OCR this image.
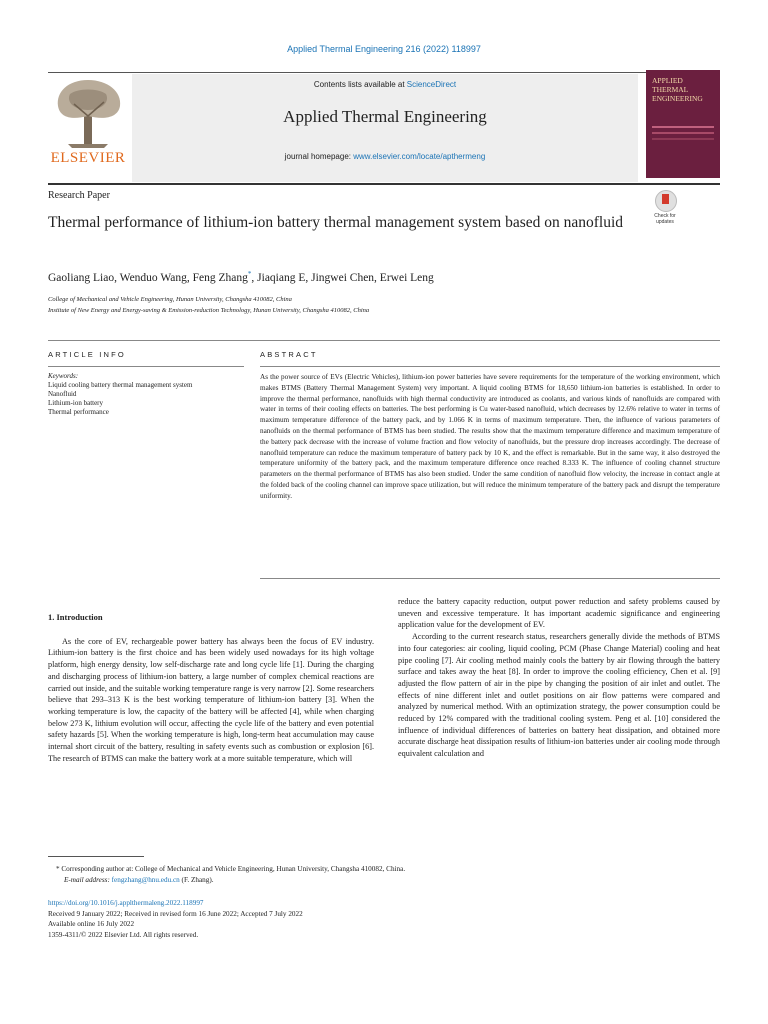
Applied Thermal Engineering 216 (2022) 118997
ELSEVIER
Contents lists available at ScienceDirect
Applied Thermal Engineering
journal homepage: www.elsevier.com/locate/apthermeng
APPLIED THERMAL ENGINEERING
Research Paper
Thermal performance of lithium-ion battery thermal management system based on nanofluid	Check for updates
Gaoliang Liao, Wenduo Wang, Feng Zhang*, Jiaqiang E, Jingwei Chen, Erwei Leng
College of Mechanical and Vehicle Engineering, Hunan University, Changsha 410082, China
Institute of New Energy and Energy-saving & Emission-reduction Technology, Hunan University, Changsha 410082, China
ARTICLE INFO	ABSTRACT
Keywords:
Liquid cooling battery thermal management system
Nanofluid
Lithium-ion battery
Thermal performance
As the power source of EVs (Electric Vehicles), lithium-ion power batteries have severe requirements for the temperature of the working environment, which makes BTMS (Battery Thermal Management System) very important. A liquid cooling BTMS for 18,650 lithium-ion batteries is established. In order to improve the thermal performance, nanofluids with high thermal conductivity are introduced as coolants, and various kinds of nanofluids are compared with water in terms of their cooling effects on batteries. The best performing is Cu water-based nanofluid, which decreases by 12.6% relative to water in terms of maximum temperature difference of the battery pack, and by 1.066 K in terms of maximum temperature. Then, the influence of various parameters of nanofluids on the thermal performance of BTMS has been studied. The results show that the maximum temperature difference and maximum temperature of the battery pack decrease with the increase of volume fraction and flow velocity of nanofluids, but the pressure drop increases accordingly. The decrease of nanofluid temperature can reduce the maximum temperature of battery pack by 10 K, and the effect is remarkable. But in the same way, it also destroyed the temperature uniformity of the battery pack, and the maximum temperature difference once reached 8.333 K. The influence of cooling channel structure parameters on the thermal performance of BTMS has also been studied. Under the same condition of nanofluid flow velocity, the increase in contact angle at the folded back of the cooling channel can improve space utilization, but will reduce the minimum temperature of the battery pack and disrupt the temperature uniformity.
1. Introduction

As the core of EV, rechargeable power battery has always been the focus of EV industry. Lithium-ion battery is the first choice and has been widely used nowadays for its high voltage platform, high energy density, low self-discharge rate and long cycle life [1]. During the charging and discharging process of lithium-ion battery, a large number of complex chemical reactions are carried out inside, and the suitable working temperature range is very narrow [2]. Some researchers believe that 293–313 K is the best working temperature of lithium-ion battery [3]. When the working temperature is low, the capacity of the battery will be affected [4], while when charging below 273 K, lithium evolution will occur, affecting the cycle life of the battery and even potential safety hazards [5]. When the working temperature is high, long-term heat accumulation may cause internal short circuit of the battery, resulting in safety events such as combustion or explosion [6]. The research of BTMS can make the battery work at a more suitable temperature, which will

reduce the battery capacity reduction, output power reduction and safety problems caused by uneven and excessive temperature. It has important academic significance and engineering application value for the development of EV.

According to the current research status, researchers generally divide the methods of BTMS into four categories: air cooling, liquid cooling, PCM (Phase Change Material) cooling and heat pipe cooling [7]. Air cooling method mainly cools the battery by air flowing through the battery surface and takes away the heat [8]. In order to improve the cooling efficiency, Chen et al. [9] adjusted the flow pattern of air in the pipe by changing the position of air inlet and outlet. The effects of nine different inlet and outlet positions on air flow patterns were compared and analyzed by numerical method. With an optimization strategy, the power consumption could be reduced by 12% compared with the traditional cooling system. Peng et al. [10] considered the influence of individual differences of batteries on battery heat dissipation, and obtained more accurate discharge heat dissipation results of lithium-ion batteries under air cooling mode through equivalent calculation and

* Corresponding author at: College of Mechanical and Vehicle Engineering, Hunan University, Changsha 410082, China.
E-mail address: fengzhang@hnu.edu.cn (F. Zhang).
https://doi.org/10.1016/j.applthermaleng.2022.118997
Received 9 January 2022; Received in revised form 16 June 2022; Accepted 7 July 2022
Available online 16 July 2022
1359-4311/© 2022 Elsevier Ltd. All rights reserved.
